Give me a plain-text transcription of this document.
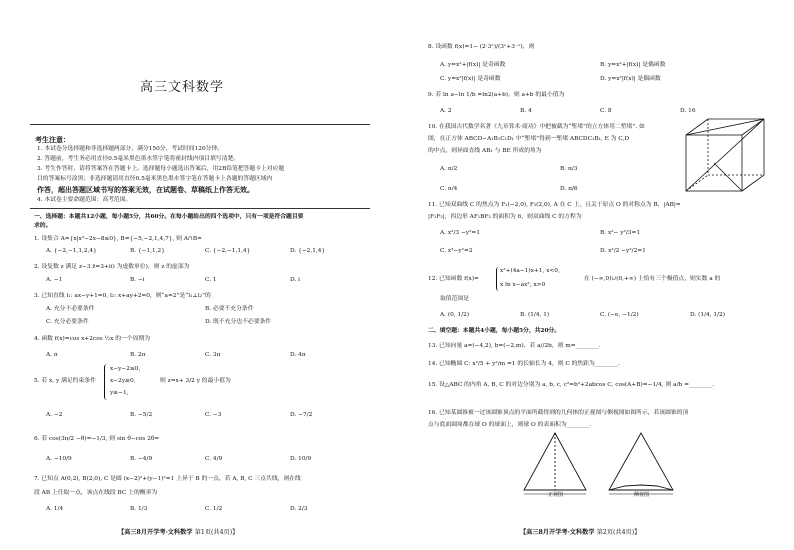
高三文科数学
考生注意：
1. 本试卷分选择题和非选择题两部分，满分150分，考试时间120分钟。
2. 答题前，考生务必用直径0.5毫米黑色墨水签字笔将密封线内项目填写清楚。
3. 考生作答时，请将答案答在答题卡上。选择题每小题选出答案后，用2B铅笔把答题卡上对应题
目的答案标号涂黑；非选择题请用直径0.5毫米黑色墨水签字笔在答题卡上各题的答题区域内
作答，超出答题区域书写的答案无效，在试题卷、草稿纸上作答无效。
4. 本试卷主要命题范围：高考范围。
一、选择题：本题共12小题，每小题5分，共60分。在每小题给出的四个选项中，只有一项是符合题目要
求的。
1. 设集合 A={x|x²−2x−8≤0}, B={−5,−2,1,4,7}, 则 A∩B=
A. {−2,−1,1,2,4}	B. {−1,1,2}	C. {−2,−1,1,4}	D. {−2,1,4}
2. 设复数 z 满足 z−3 z̄=3+i(i 为虚数单位)，则 z 的虚部为
A. −1	B. −i	C. 1	D. i
3. 已知直线 l₁: ax−y+1=0, l₂: x+ay+2=0，则“a=2”是“l₁⊥l₂”的
A. 充分不必要条件	B. 必要不充分条件
C. 充分必要条件	D. 既不充分也不必要条件
4. 函数 f(x)=cos x+2cos ½x 的一个周期为
A. π	B. 2π	C. 3π	D. 4π
5. 若 x, y 满足约束条件
x−y−2≤0,
x−2y≥0,
y≥−1,
则 z=x+ 3/2 y 的最小值为
A. −2	B. −5/2	C. −3	D. −7/2
6. 若 cos(3π/2 −θ)=−1/3, 则 sin θ−cos 2θ=
A. −10/9	B. −4/9	C. 4/9	D. 10/9
7. 已知点 A(0,2), B(2,0), C 是圆 (x−2)²+(y−1)²=1 上异于 B 的一点，若 A, B, C 三点共线，则在线
段 AB 上任取一点，该点在线段 BC 上的概率为
A. 1/4	B. 1/3	C. 1/2	D. 2/3
【高三8月开学考·文科数学 第1页(共4页)】
8. 设函数 f(x)=1− (2·3ˣ)/(3ˣ+3⁻ˣ)，则
A. y=x²+|f(x)| 是奇函数	B. y=x²+|f(x)| 是偶函数
C. y=x²|f(x)| 是奇函数	D. y=x²|f(x)| 是偶函数
9. 若 ln a−ln 1/b =ln2(a+b)，则 a+b 的最小值为
A. 2	B. 4	C. 8	D. 16
10. 在我国古代数学名著《九章算术·商功》中把被截为“堑堵”的立方体用二堑堵”. 如
图，在正方体 ABCD−A₁B₁C₁D₁ 中“堑堵”得到一堑堵 ABCDC₁B₁, E 为 C,D
的中点，则异面直线 AB₁ 与 BE 所成的角为
A. π/2	B. π/3
C. π/4	D. π/6
11. 已知双曲线 C 的焦点为 F₁(−2,0), F₂(2,0), A 在 C 上，且关于原点 O 的对称点为 B，|AB|=
|F₁F₂|，四边形 AF₁BF₂ 的面积为 6，则双曲线 C 的方程为
A. x²/3 −y²=1	B. x²− y²/3=1
C. x²−y²=2	D. x²/2 −y²/2=1
12. 已知函数 f(x)=
x²+(4a−1)x+1, x<0,
x ln x−ax², x>0
在 (−∞,0)∪(0,+∞) 上恰有三个极值点，则实数 a 的
取值范围是
A. (0, 1/2)	B. (1/4, 1)	C. (−e, −1/2)	D. (1/4, 1/2)
二、填空题：本题共4小题，每小题5分，共20分。
13. 已知向量 a=(−4,2), b=(−2,m)，若 a//2b，则 m=________.
14. 已知椭圆 C: x²/5 + y²/m =1 的长轴长为 4，则 C 的焦距为________.
15. 设△ABC 的内角 A, B, C 的对边分别为 a, b, c, c²=b²+2abcos C, cos(A+B)=−1/4, 则 a/b =________.
16. 已知某圆锥被一过该圆锥顶点的平面所截得到的几何体的正视图与侧视图如图所示，若该圆锥的顶
点与底面圆周都在球 O 的球面上，则球 O 的表面积为________.
正视图	侧视图
【高三8月开学考·文科数学 第2页(共4页)】
